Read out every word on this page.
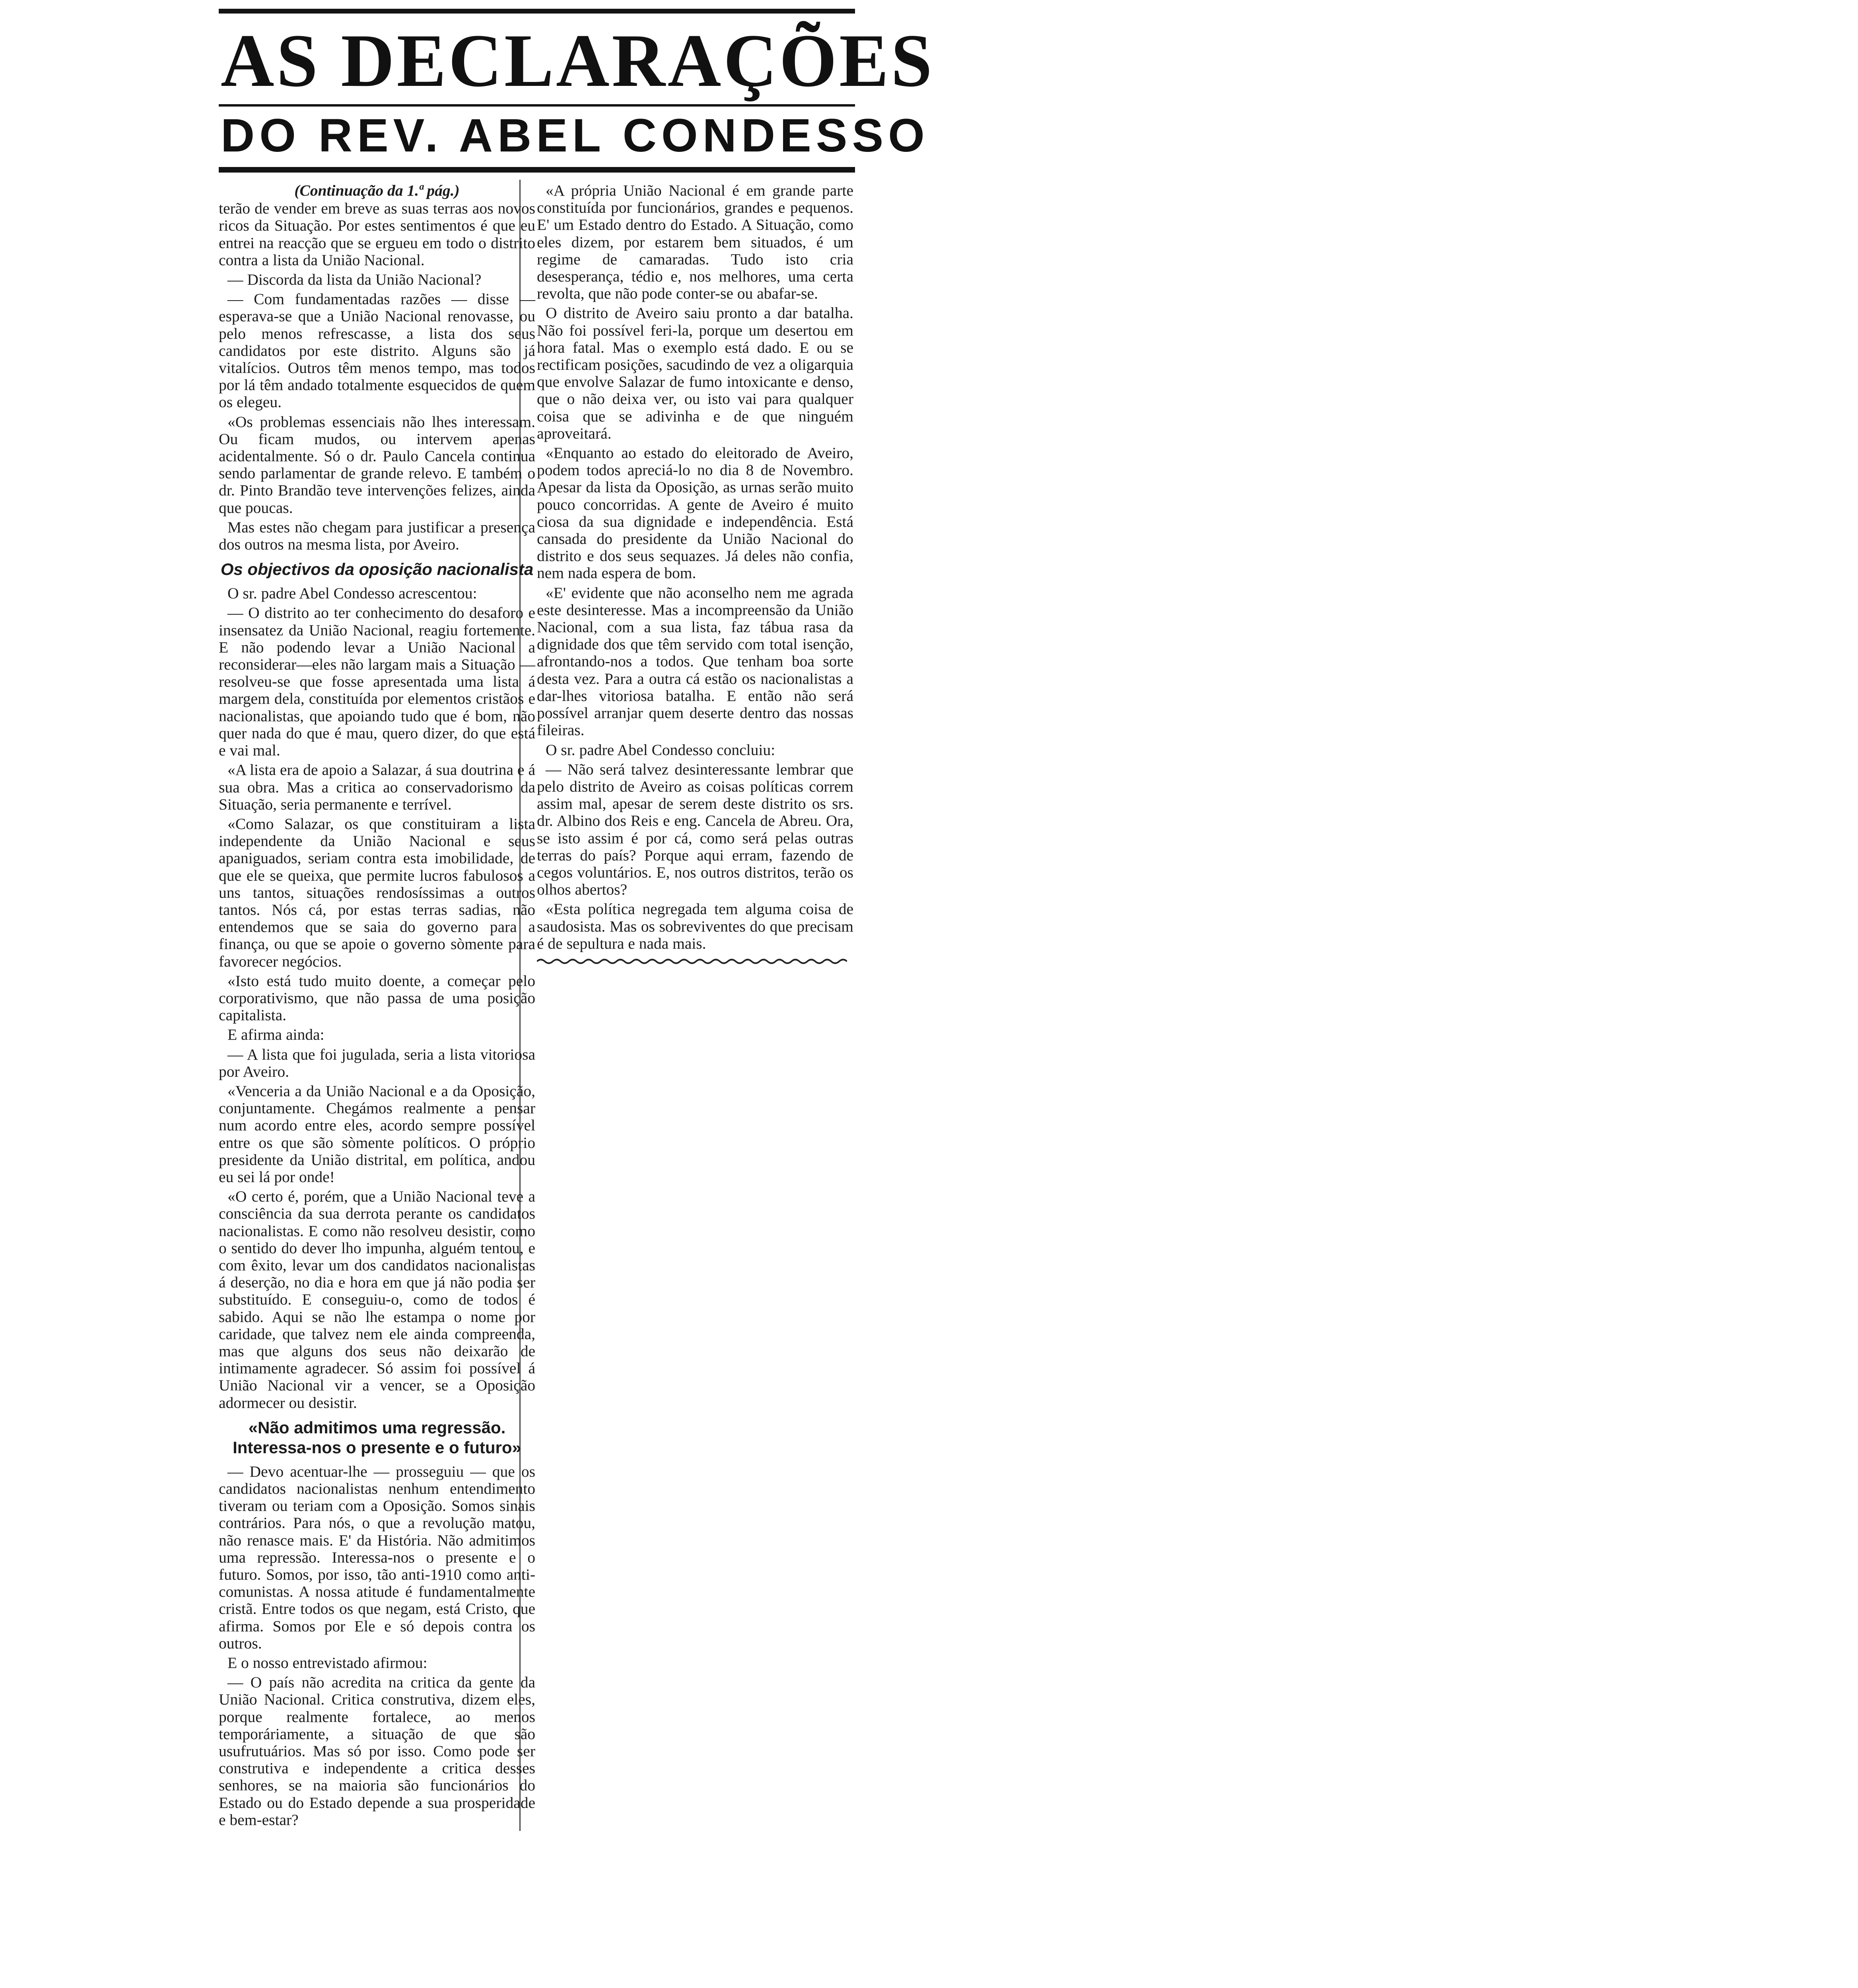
AS DECLARAÇÕES
DO REV. ABEL CONDESSO

(Continuação da 1.ª pág.)

terão de vender em breve as suas terras aos novos ricos da Situação. Por estes sentimentos é que eu entrei na reacção que se ergueu em todo o distrito contra a lista da União Nacional.

— Discorda da lista da União Nacional?

— Com fundamentadas razões — disse — esperava-se que a União Nacional renovasse, ou pelo menos refrescasse, a lista dos seus candidatos por este distrito. Alguns são já vitalícios. Outros têm menos tempo, mas todos por lá têm andado totalmente esquecidos de quem os elegeu.

«Os problemas essenciais não lhes interessam. Ou ficam mudos, ou intervem apenas acidentalmente. Só o dr. Paulo Cancela continua sendo parlamentar de grande relevo. E também o dr. Pinto Brandão teve intervenções felizes, ainda que poucas.

Mas estes não chegam para justificar a presença dos outros na mesma lista, por Aveiro.

Os objectivos da oposição nacionalista

O sr. padre Abel Condesso acrescentou:

— O distrito ao ter conhecimento do desaforo e insensatez da União Nacional, reagiu fortemente. E não podendo levar a União Nacional a reconsiderar—eles não largam mais a Situação — resolveu-se que fosse apresentada uma lista á margem dela, constituída por elementos cristãos e nacionalistas, que apoiando tudo que é bom, não quer nada do que é mau, quero dizer, do que está e vai mal.

«A lista era de apoio a Salazar, á sua doutrina e á sua obra. Mas a critica ao conservadorismo da Situação, seria permanente e terrível.

«Como Salazar, os que constituiram a lista independente da União Nacional e seus apaniguados, seriam contra esta imobilidade, de que ele se queixa, que permite lucros fabulosos a uns tantos, situações rendosíssimas a outros tantos. Nós cá, por estas terras sadias, não entendemos que se saia do governo para a finança, ou que se apoie o governo sòmente para favorecer negócios.

«Isto está tudo muito doente, a começar pelo corporativismo, que não passa de uma posição capitalista.

E afirma ainda:

— A lista que foi jugulada, seria a lista vitoriosa por Aveiro.

«Venceria a da União Nacional e a da Oposição, conjuntamente. Chegámos realmente a pensar num acordo entre eles, acordo sempre possível entre os que são sòmente políticos. O próprio presidente da União distrital, em política, andou eu sei lá por onde!

«O certo é, porém, que a União Nacional teve a consciência da sua derrota perante os candidatos nacionalistas. E como não resolveu desistir, como o sentido do dever lho impunha, alguém tentou, e com êxito, levar um dos candidatos nacionalistas á deserção, no dia e hora em que já não podia ser substituído. E conseguiu-o, como de todos é sabido. Aqui se não lhe estampa o nome por caridade, que talvez nem ele ainda compreenda, mas que alguns dos seus não deixarão de intimamente agradecer. Só assim foi possível á União Nacional vir a vencer, se a Oposição adormecer ou desistir.

«Não admitimos uma regressão. Interessa-nos o presente e o futuro»

— Devo acentuar-lhe — prosseguiu — que os candidatos nacionalistas nenhum entendimento tiveram ou teriam com a Oposição. Somos sinais contrários. Para nós, o que a revolução matou, não renasce mais. E' da História. Não admitimos uma repressão. Interessa-nos o presente e o futuro. Somos, por isso, tão anti-1910 como anti-comunistas. A nossa atitude é fundamentalmente cristã. Entre todos os que negam, está Cristo, que afirma. Somos por Ele e só depois contra os outros.

E o nosso entrevistado afirmou:

— O país não acredita na critica da gente da União Nacional. Critica construtiva, dizem eles, porque realmente fortalece, ao menos temporáriamente, a situação de que são usufrutuários. Mas só por isso. Como pode ser construtiva e independente a critica desses senhores, se na maioria são funcionários do Estado ou do Estado depende a sua prosperidade e bem-estar?

«A própria União Nacional é em grande parte constituída por funcionários, grandes e pequenos. E' um Estado dentro do Estado. A Situação, como eles dizem, por estarem bem situados, é um regime de camaradas. Tudo isto cria desesperança, tédio e, nos melhores, uma certa revolta, que não pode conter-se ou abafar-se.

O distrito de Aveiro saiu pronto a dar batalha. Não foi possível feri-la, porque um desertou em hora fatal. Mas o exemplo está dado. E ou se rectificam posições, sacudindo de vez a oligarquia que envolve Salazar de fumo intoxicante e denso, que o não deixa ver, ou isto vai para qualquer coisa que se adivinha e de que ninguém aproveitará.

«Enquanto ao estado do eleitorado de Aveiro, podem todos apreciá-lo no dia 8 de Novembro. Apesar da lista da Oposição, as urnas serão muito pouco concorridas. A gente de Aveiro é muito ciosa da sua dignidade e independência. Está cansada do presidente da União Nacional do distrito e dos seus sequazes. Já deles não confia, nem nada espera de bom.

«E' evidente que não aconselho nem me agrada este desinteresse. Mas a incompreensão da União Nacional, com a sua lista, faz tábua rasa da dignidade dos que têm servido com total isenção, afrontando-nos a todos. Que tenham boa sorte desta vez. Para a outra cá estão os nacionalistas a dar-lhes vitoriosa batalha. E então não será possível arranjar quem deserte dentro das nossas fileiras.

O sr. padre Abel Condesso concluiu:

— Não será talvez desinteressante lembrar que pelo distrito de Aveiro as coisas políticas correm assim mal, apesar de serem deste distrito os srs. dr. Albino dos Reis e eng. Cancela de Abreu. Ora, se isto assim é por cá, como será pelas outras terras do país? Porque aqui erram, fazendo de cegos voluntários. E, nos outros distritos, terão os olhos abertos?

«Esta política negregada tem alguma coisa de saudosista. Mas os sobreviventes do que precisam é de sepultura e nada mais.
